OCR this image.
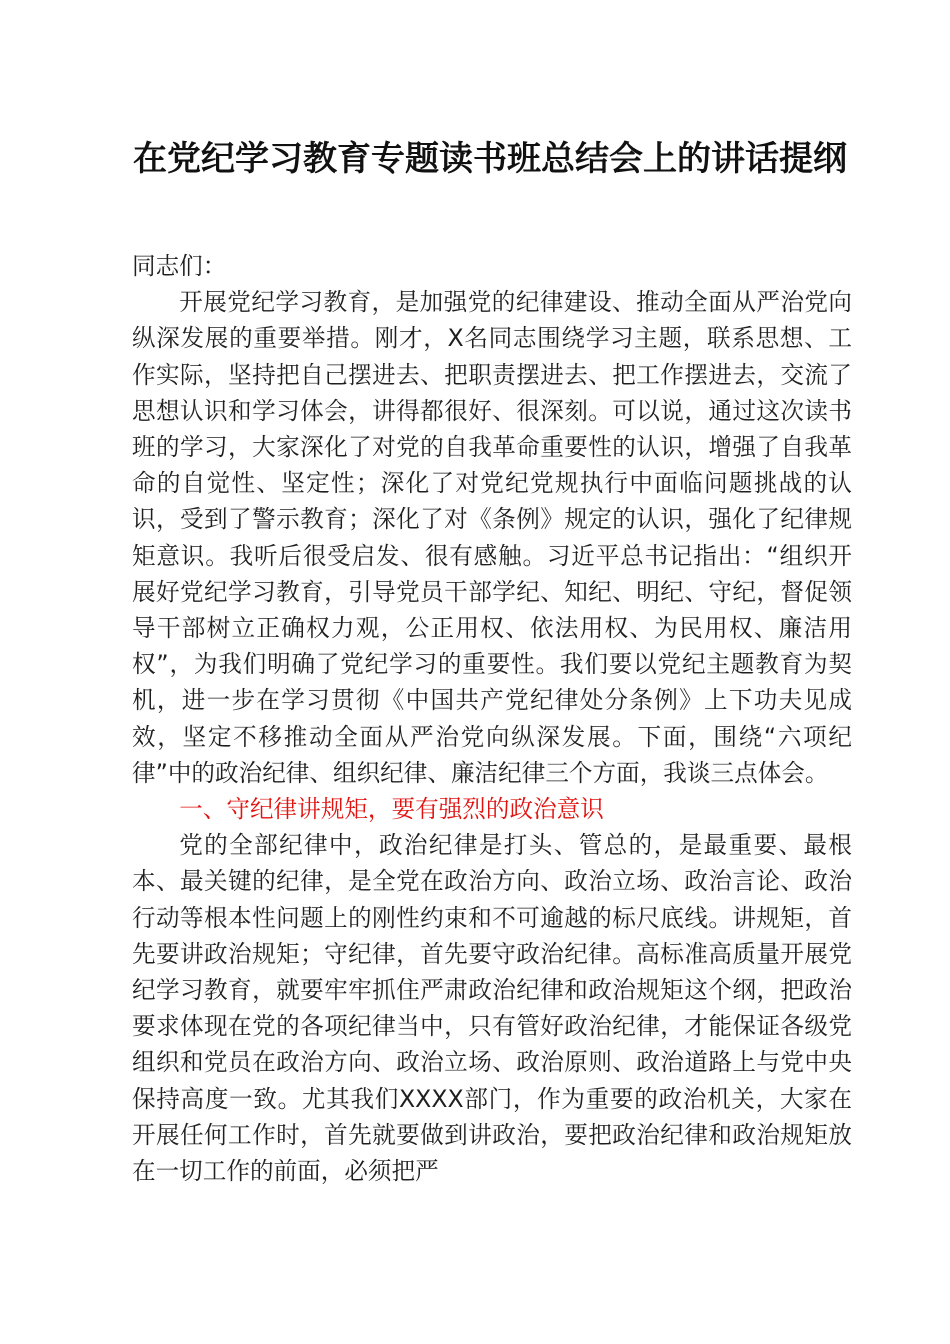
在党纪学习教育专题读书班总结会上的讲话提纲

同志们：

开展党纪学习教育，是加强党的纪律建设、推动全面从严治党向纵深发展的重要举措。刚才，X名同志围绕学习主题，联系思想、工作实际，坚持把自己摆进去、把职责摆进去、把工作摆进去，交流了思想认识和学习体会，讲得都很好、很深刻。可以说，通过这次读书班的学习，大家深化了对党的自我革命重要性的认识，增强了自我革命的自觉性、坚定性；深化了对党纪党规执行中面临问题挑战的认识，受到了警示教育；深化了对《条例》规定的认识，强化了纪律规矩意识。我听后很受启发、很有感触。习近平总书记指出：“组织开展好党纪学习教育，引导党员干部学纪、知纪、明纪、守纪，督促领导干部树立正确权力观，公正用权、依法用权、为民用权、廉洁用权”，为我们明确了党纪学习的重要性。我们要以党纪主题教育为契机，进一步在学习贯彻《中国共产党纪律处分条例》上下功夫见成效，坚定不移推动全面从严治党向纵深发展。下面，围绕“六项纪律”中的政治纪律、组织纪律、廉洁纪律三个方面，我谈三点体会。

一、守纪律讲规矩，要有强烈的政治意识

党的全部纪律中，政治纪律是打头、管总的，是最重要、最根本、最关键的纪律，是全党在政治方向、政治立场、政治言论、政治行动等根本性问题上的刚性约束和不可逾越的标尺底线。讲规矩，首先要讲政治规矩；守纪律，首先要守政治纪律。高标准高质量开展党纪学习教育，就要牢牢抓住严肃政治纪律和政治规矩这个纲，把政治要求体现在党的各项纪律当中，只有管好政治纪律，才能保证各级党组织和党员在政治方向、政治立场、政治原则、政治道路上与党中央保持高度一致。尤其我们XXXX部门，作为重要的政治机关，大家在开展任何工作时，首先就要做到讲政治，要把政治纪律和政治规矩放在一切工作的前面，必须把严
